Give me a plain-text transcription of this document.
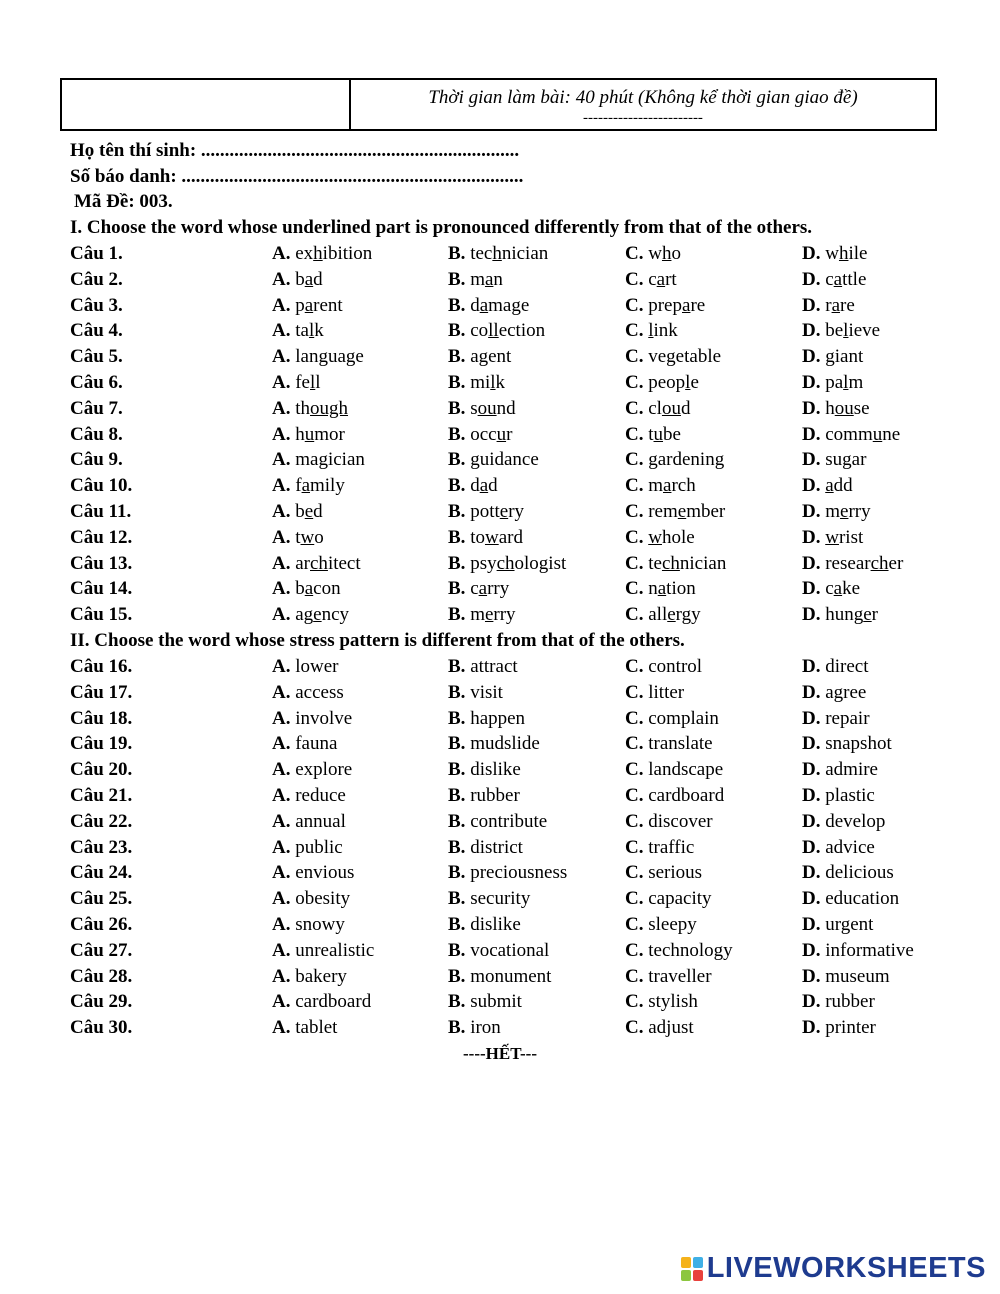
Thời gian làm bài: 40 phút (Không kể thời gian giao đề)
------------------------
Họ tên thí sinh: ...................................................................
Số báo danh: ........................................................................
Mã Đề: 003.
I. Choose the word whose underlined part is pronounced differently from that of the others.
II. Choose the word whose stress pattern is different from that of the others.
Câu 1.	A. exhibition	B. technician	C. who	D. while
Câu 2.	A. bad	B. man	C. cart	D. cattle
Câu 3.	A. parent	B. damage	C. prepare	D. rare
Câu 4.	A. talk	B. collection	C. link	D. believe
Câu 5.	A. language	B. agent	C. vegetable	D. giant
Câu 6.	A. fell	B. milk	C. people	D. palm
Câu 7.	A. though	B. sound	C. cloud	D. house
Câu 8.	A. humor	B. occur	C. tube	D. commune
Câu 9.	A. magician	B. guidance	C. gardening	D. sugar
Câu 10.	A. family	B. dad	C. march	D. add
Câu 11.	A. bed	B. pottery	C. remember	D. merry
Câu 12.	A. two	B. toward	C. whole	D. wrist
Câu 13.	A. architect	B. psychologist	C. technician	D. researcher
Câu 14.	A. bacon	B. carry	C. nation	D. cake
Câu 15.	A. agency	B. merry	C. allergy	D. hunger
Câu 16.	A. lower	B. attract	C. control	D. direct
Câu 17.	A. access	B. visit	C. litter	D. agree
Câu 18.	A. involve	B. happen	C. complain	D. repair
Câu 19.	A. fauna	B. mudslide	C. translate	D. snapshot
Câu 20.	A. explore	B. dislike	C. landscape	D. admire
Câu 21.	A. reduce	B. rubber	C. cardboard	D. plastic
Câu 22.	A. annual	B. contribute	C. discover	D. develop
Câu 23.	A. public	B. district	C. traffic	D. advice
Câu 24.	A. envious	B. preciousness	C. serious	D. delicious
Câu 25.	A. obesity	B. security	C. capacity	D. education
Câu 26.	A. snowy	B. dislike	C. sleepy	D. urgent
Câu 27.	A. unrealistic	B. vocational	C. technology	D. informative
Câu 28.	A. bakery	B. monument	C. traveller	D. museum
Câu 29.	A. cardboard	B. submit	C. stylish	D. rubber
Câu 30.	A. tablet	B. iron	C. adjust	D. printer
----HẾT---
LIVEWORKSHEETS
